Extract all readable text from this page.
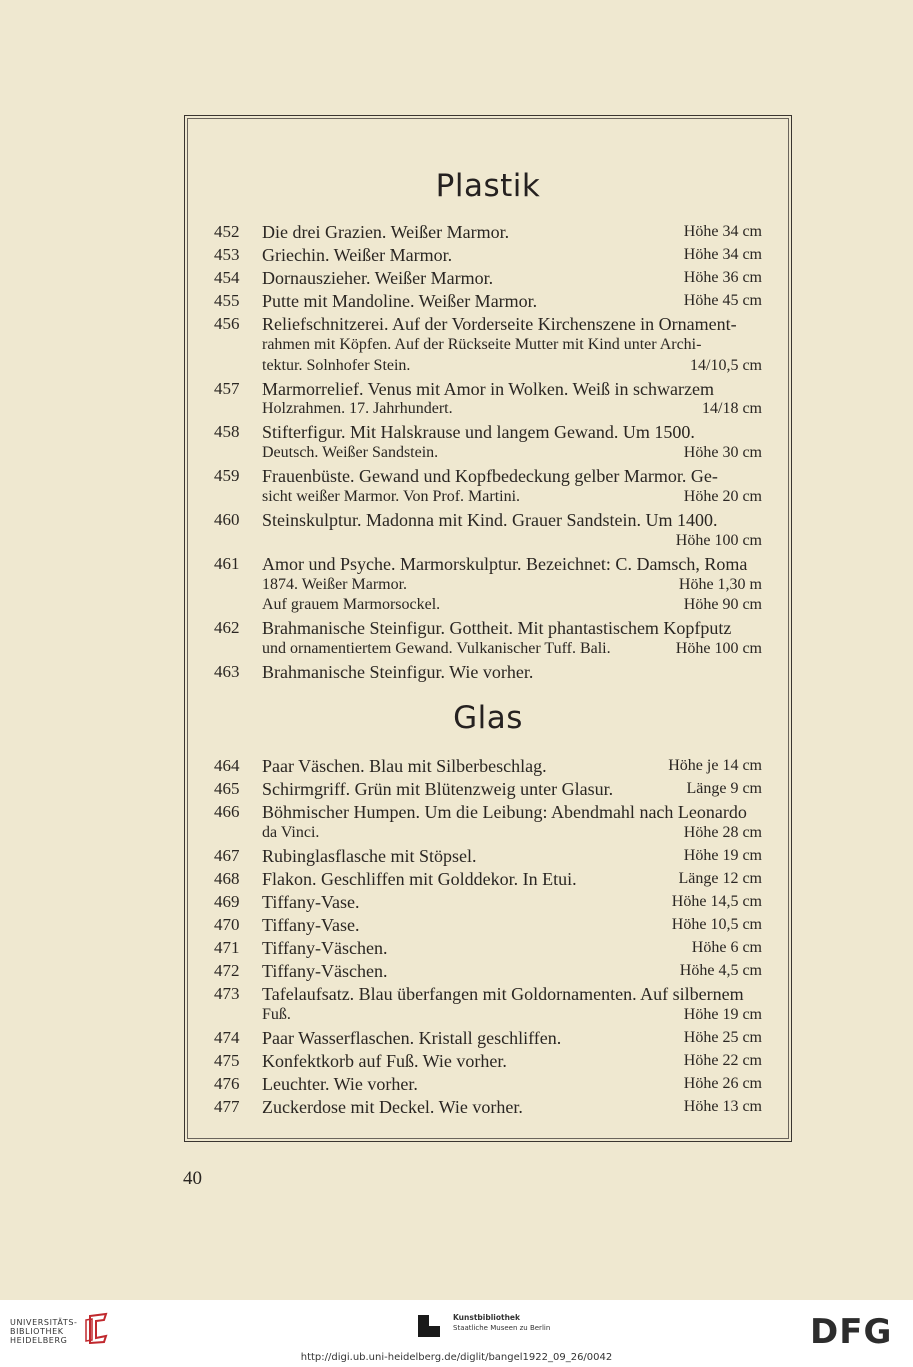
Plastik
452	Die drei Grazien. Weißer Marmor.	Höhe 34 cm
453	Griechin. Weißer Marmor.	Höhe 34 cm
454	Dornauszieher. Weißer Marmor.	Höhe 36 cm
455	Putte mit Mandoline. Weißer Marmor.	Höhe 45 cm
456	Reliefschnitzerei. Auf der Vorderseite Kirchenszene in Ornament-
rahmen mit Köpfen. Auf der Rückseite Mutter mit Kind unter Archi-
tektur. Solnhofer Stein.	14/10,5 cm
457	Marmorrelief. Venus mit Amor in Wolken. Weiß in schwarzem
Holzrahmen. 17. Jahrhundert.	14/18 cm
458	Stifterfigur. Mit Halskrause und langem Gewand. Um 1500.
Deutsch. Weißer Sandstein.	Höhe 30 cm
459	Frauenbüste. Gewand und Kopfbedeckung gelber Marmor. Ge-
sicht weißer Marmor. Von Prof. Martini.	Höhe 20 cm
460	Steinskulptur. Madonna mit Kind. Grauer Sandstein. Um 1400.
Höhe 100 cm
461	Amor und Psyche. Marmorskulptur. Bezeichnet: C. Damsch, Roma
1874. Weißer Marmor.	Höhe 1,30 m
Auf grauem Marmorsockel.	Höhe 90 cm
462	Brahmanische Steinfigur. Gottheit. Mit phantastischem Kopfputz
und ornamentiertem Gewand. Vulkanischer Tuff. Bali.	Höhe 100 cm
463	Brahmanische Steinfigur. Wie vorher.
Glas
464	Paar Väschen. Blau mit Silberbeschlag.	Höhe je 14 cm
465	Schirmgriff. Grün mit Blütenzweig unter Glasur.	Länge 9 cm
466	Böhmischer Humpen. Um die Leibung: Abendmahl nach Leonardo
da Vinci.	Höhe 28 cm
467	Rubinglasflasche mit Stöpsel.	Höhe 19 cm
468	Flakon. Geschliffen mit Golddekor. In Etui.	Länge 12 cm
469	Tiffany-Vase.	Höhe 14,5 cm
470	Tiffany-Vase.	Höhe 10,5 cm
471	Tiffany-Väschen.	Höhe 6 cm
472	Tiffany-Väschen.	Höhe 4,5 cm
473	Tafelaufsatz. Blau überfangen mit Goldornamenten. Auf silbernem
Fuß.	Höhe 19 cm
474	Paar Wasserflaschen. Kristall geschliffen.	Höhe 25 cm
475	Konfektkorb auf Fuß. Wie vorher.	Höhe 22 cm
476	Leuchter. Wie vorher.	Höhe 26 cm
477	Zuckerdose mit Deckel. Wie vorher.	Höhe 13 cm
40
UNIVERSITÄTS-
BIBLIOTHEK
HEIDELBERG
Kunstbibliothek
Staatliche Museen zu Berlin	DFG
http://digi.ub.uni-heidelberg.de/diglit/bangel1922_09_26/0042
